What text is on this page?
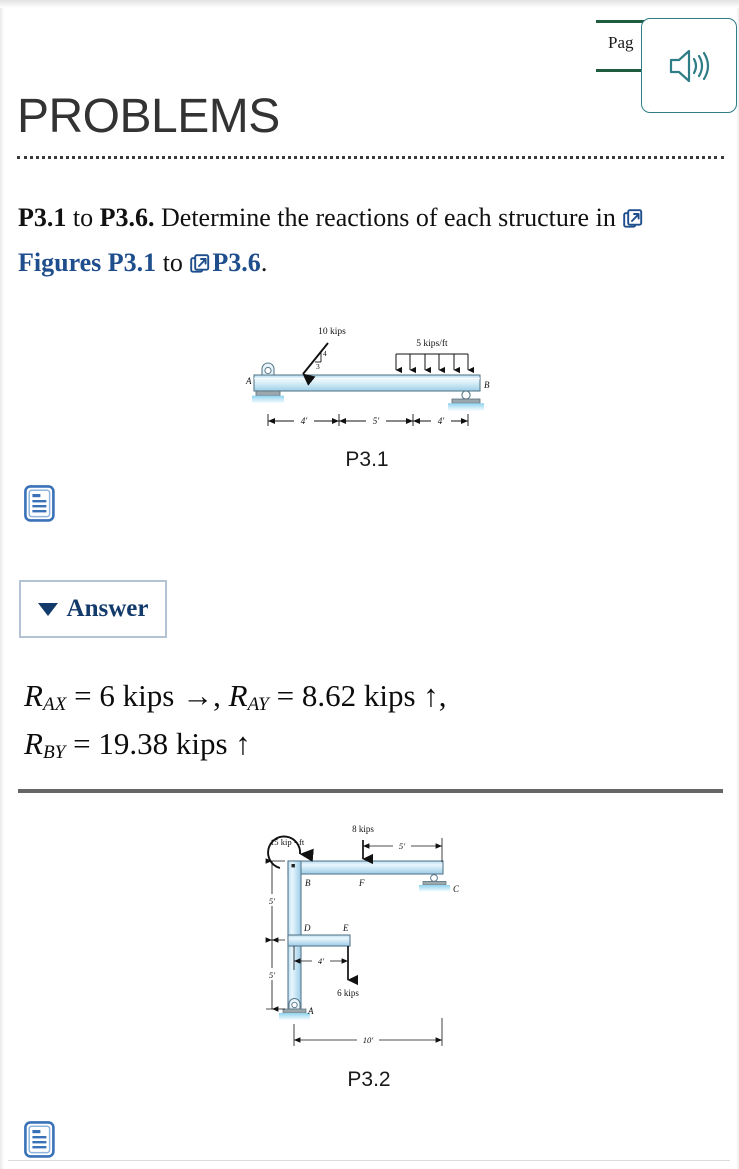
Pag
PROBLEMS
P3.1 to P3.6. Determine the reactions of each structure in
Figures P3.1 to
P3.6.
A	B
4
3
10 kips
5 kips/ft
4′	5′	4′
P3.1
Answer
$R_{AX} = 6$ kips →, $R_{AY} = 8.62$ kips ↑,
$R_{BY} = 19.38$ kips ↑
15 kip • ft
8 kips
6 kips
C
A
B	F
D	E
5′
5′
5′
4′
10′
P3.2
